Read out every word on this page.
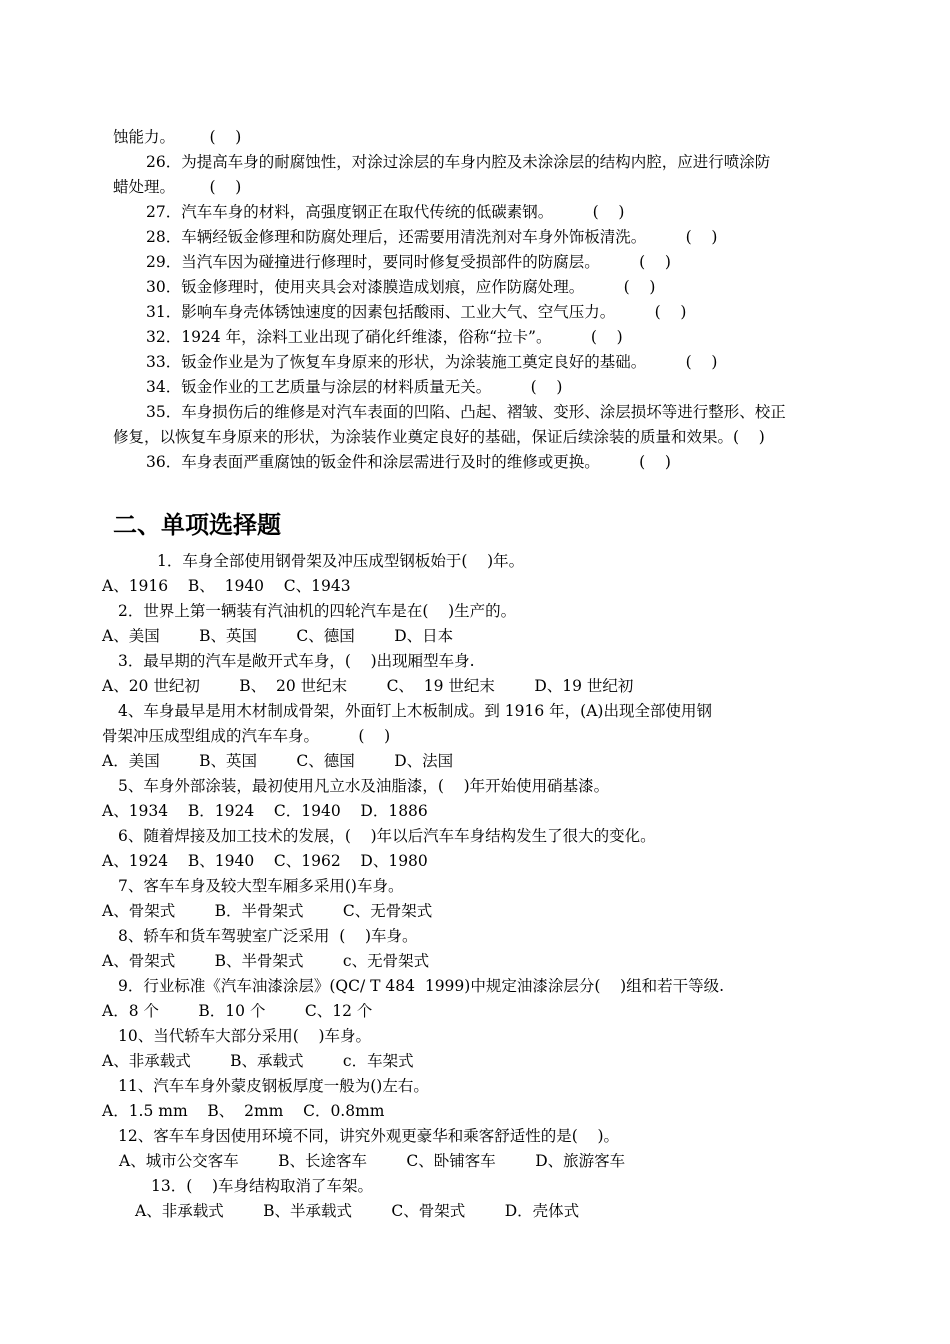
蚀能力。       (    )
26．为提高车身的耐腐蚀性，对涂过涂层的车身内腔及未涂涂层的结构内腔，应进行喷涂防
蜡处理。       (    )
27．汽车车身的材料，高强度钢正在取代传统的低碳素钢。        (    )
28．车辆经钣金修理和防腐处理后，还需要用清洗剂对车身外饰板清洗。        (    )
29．当汽车因为碰撞进行修理时，要同时修复受损部件的防腐层。        (    )
30．钣金修理时，使用夹具会对漆膜造成划痕，应作防腐处理。        (    )
31．影响车身壳体锈蚀速度的因素包括酸雨、工业大气、空气压力。        (    )
32．1924 年，涂料工业出现了硝化纤维漆，俗称“拉卡”。        (    )
33．钣金作业是为了恢复车身原来的形状，为涂装施工奠定良好的基础。        (    )
34．钣金作业的工艺质量与涂层的材料质量无关。        (    )
35．车身损伤后的维修是对汽车表面的凹陷、凸起、褶皱、变形、涂层损坏等进行整形、校正
修复，以恢复车身原来的形状，为涂装作业奠定良好的基础，保证后续涂装的质量和效果。(    )
36．车身表面严重腐蚀的钣金件和涂层需进行及时的维修或更换。        (    )
二、单项选择题
1．车身全部使用钢骨架及冲压成型钢板始于(    )年。
A、1916    B、  1940    C、1943
2．世界上第一辆装有汽油机的四轮汽车是在(    )生产的。
A、美国        B、英国        C、德国        D、日本
3．最早期的汽车是敞开式车身，(    )出现厢型车身.
A、20 世纪初        B、  20 世纪末        C、  19 世纪末        D、19 世纪初
4、车身最早是用木材制成骨架，外面钉上木板制成。到 1916 年，(A)出现全部使用钢
骨架冲压成型组成的汽车车身。        (    )
A．美国        B、英国        C、德国        D、法国
5、车身外部涂装，最初使用凡立水及油脂漆，(    )年开始使用硝基漆。
A、1934    B．1924    C．1940    D．1886
6、随着焊接及加工技术的发展，(    )年以后汽车车身结构发生了很大的变化。
A、1924    B、1940    C、1962    D、1980
7、客车车身及较大型车厢多采用()车身。
A、骨架式        B．半骨架式        C、无骨架式
8、轿车和货车驾驶室广泛采用  (    )车身。
A、骨架式        B、半骨架式        c、无骨架式
9．行业标准《汽车油漆涂层》(QC/ T 484  1999)中规定油漆涂层分(    )组和若干等级.
A．8 个        B．10 个        C、12 个
10、当代轿车大部分采用(    )车身。
A、非承载式        B、承载式        c．车架式
11、汽车车身外蒙皮钢板厚度一般为()左右。
A．1.5 mm    B、  2mm    C．0.8mm
12、客车车身因使用环境不同，讲究外观更豪华和乘客舒适性的是(    )。
A、城市公交客车        B、长途客车        C、卧铺客车        D、旅游客车
13．(    )车身结构取消了车架。
A、非承载式        B、半承载式        C、骨架式        D．壳体式
